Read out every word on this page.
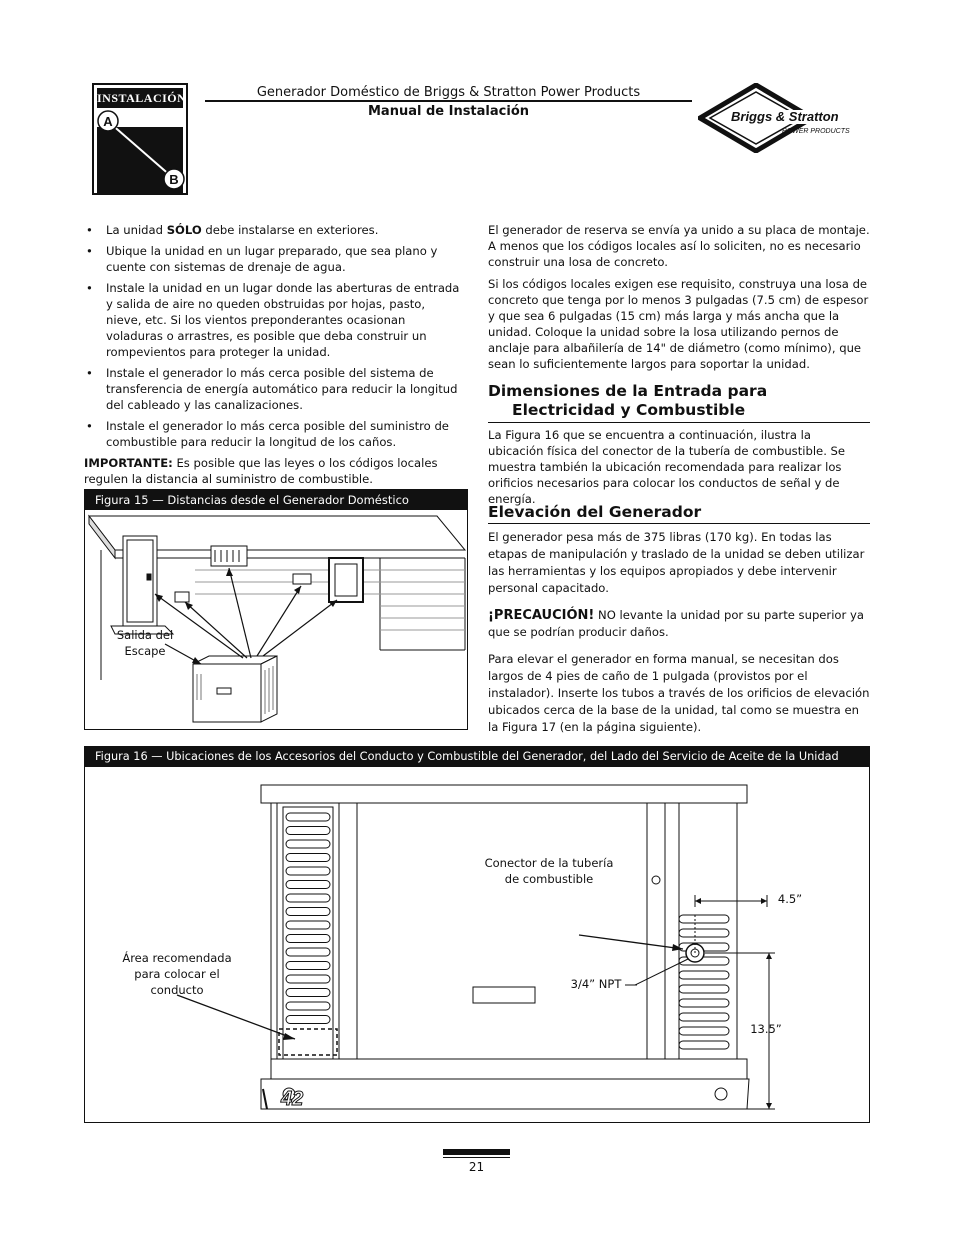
INSTALACIÓN
A
B
Generador Doméstico de Briggs & Stratton Power Products
Manual de Instalación	Briggs & Stratton
POWER PRODUCTS
• La unidad SÓLO debe instalarse en exteriores.
• Ubique la unidad en un lugar preparado, que sea plano y cuente con sistemas de drenaje de agua.
• Instale la unidad en un lugar donde las aberturas de entrada y salida de aire no queden obstruidas por hojas, pasto, nieve, etc. Si los vientos preponderantes ocasionan voladuras o arrastres, es posible que deba construir un rompevientos para proteger la unidad.
• Instale el generador lo más cerca posible del sistema de transferencia de energía automático para reducir la longitud del cableado y las canalizaciones.
• Instale el generador lo más cerca posible del suministro de combustible para reducir la longitud de los caños.

IMPORTANTE: Es posible que las leyes o los códigos locales regulen la distancia al suministro de combustible.

Figura 15 — Distancias desde el Generador Doméstico
Salida del
Escape

El generador de reserva se envía ya unido a su placa de montaje. A menos que los códigos locales así lo soliciten, no es necesario construir una losa de concreto.

Si los códigos locales exigen ese requisito, construya una losa de concreto que tenga por lo menos 3 pulgadas (7.5 cm) de espesor y que sea 6 pulgadas (15 cm) más larga y más ancha que la unidad. Coloque la unidad sobre la losa utilizando pernos de anclaje para albañilería de 14" de diámetro (como mínimo), que sean lo suficientemente largos para soportar la unidad.

Dimensiones de la Entrada para
Electricidad y Combustible

La Figura 16 que se encuentra a continuación, ilustra la ubicación física del conector de la tubería de combustible. Se muestra también la ubicación recomendada para realizar los orificios necesarios para colocar los conductos de señal y de energía.

Elevación del Generador

El generador pesa más de 375 libras (170 kg). En todas las etapas de manipulación y traslado de la unidad se deben utilizar las herramientas y los equipos apropiados y debe intervenir personal capacitado.

¡PRECAUCIÓN! NO levante la unidad por su parte superior ya que se podrían producir daños.

Para elevar el generador en forma manual, se necesitan dos largos de 4 pies de caño de 1 pulgada (provistos por el instalador). Inserte los tubos a través de los orificios de elevación ubicados cerca de la base de la unidad, tal como se muestra en la Figura 17 (en la página siguiente).

Figura 16 — Ubicaciones de los Accesorios del Conducto y Combustible del Generador, del Lado del Servicio de Aceite de la Unidad
42
Área recomendada
para colocar el
conducto
Conector de la tubería
de combustible
3/4” NPT
4.5”
13.5”
21
